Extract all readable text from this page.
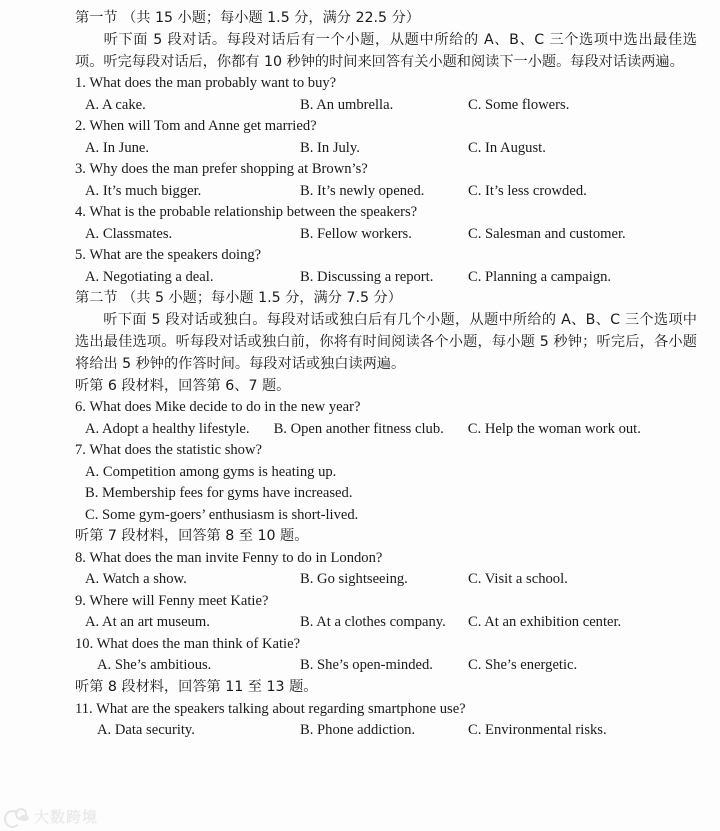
第一节 （共 15 小题；每小题 1.5 分，满分 22.5 分）
听下面 5 段对话。每段对话后有一个小题，从题中所给的 A、B、C 三个选项中选出最佳选项。听完每段对话后，你都有 10 秒钟的时间来回答有关小题和阅读下一小题。每段对话读两遍。
1. What does the man probably want to buy?
A. A cake.	B. An umbrella.	C. Some flowers.
2. When will Tom and Anne get married?
A. In June.	B. In July.	C. In August.
3. Why does the man prefer shopping at Brown’s?
A. It’s much bigger.	B. It’s newly opened.	C. It’s less crowded.
4. What is the probable relationship between the speakers?
A. Classmates.	B. Fellow workers.	C. Salesman and customer.
5. What are the speakers doing?
A. Negotiating a deal.	B. Discussing a report. C. Planning a campaign.
第二节 （共 5 小题；每小题 1.5 分，满分 7.5 分）
听下面 5 段对话或独白。每段对话或独白后有几个小题，从题中所给的 A、B、C 三个选项中选出最佳选项。听每段对话或独白前，你将有时间阅读各个小题，每小题 5 秒钟；听完后，各小题将给出 5 秒钟的作答时间。每段对话或独白读两遍。
听第 6 段材料，回答第 6、7 题。
6. What does Mike decide to do in the new year?
A. Adopt a healthy lifestyle. B. Open another fitness club. C. Help the woman work out.
7. What does the statistic show?
A. Competition among gyms is heating up.
B. Membership fees for gyms have increased.
C. Some gym-goers’ enthusiasm is short-lived.
听第 7 段材料，回答第 8 至 10 题。
8. What does the man invite Fenny to do in London?
A. Watch a show.	B. Go sightseeing.	C. Visit a school.
9. Where will Fenny meet Katie?
A. At an art museum.	B. At a clothes company. C. At an exhibition center.
10. What does the man think of Katie?
A. She’s ambitious.	B. She’s open-minded. C. She’s energetic.
听第 8 段材料，回答第 11 至 13 题。
11. What are the speakers talking about regarding smartphone use?
A. Data security.	B. Phone addiction.	C. Environmental risks.
大数跨境
